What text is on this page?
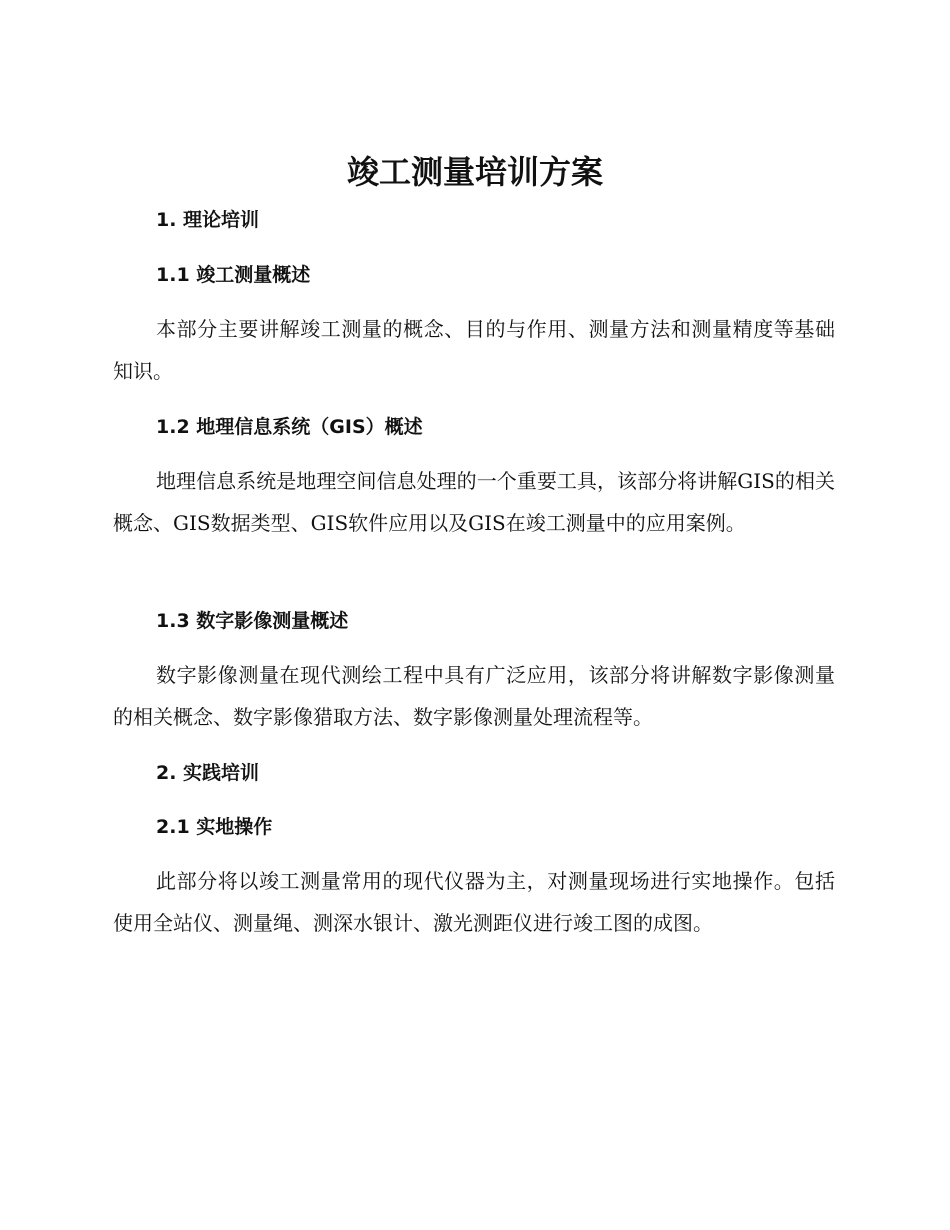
竣工测量培训方案
1. 理论培训
1.1 竣工测量概述

本部分主要讲解竣工测量的概念、目的与作用、测量方法和测量精度等基础知识。

1.2 地理信息系统（GIS）概述

地理信息系统是地理空间信息处理的一个重要工具，该部分将讲解GIS的相关概念、GIS数据类型、GIS软件应用以及GIS在竣工测量中的应用案例。

1.3 数字影像测量概述

数字影像测量在现代测绘工程中具有广泛应用，该部分将讲解数字影像测量的相关概念、数字影像猎取方法、数字影像测量处理流程等。

2. 实践培训
2.1 实地操作

此部分将以竣工测量常用的现代仪器为主，对测量现场进行实地操作。包括使用全站仪、测量绳、测深水银计、激光测距仪进行竣工图的成图。
